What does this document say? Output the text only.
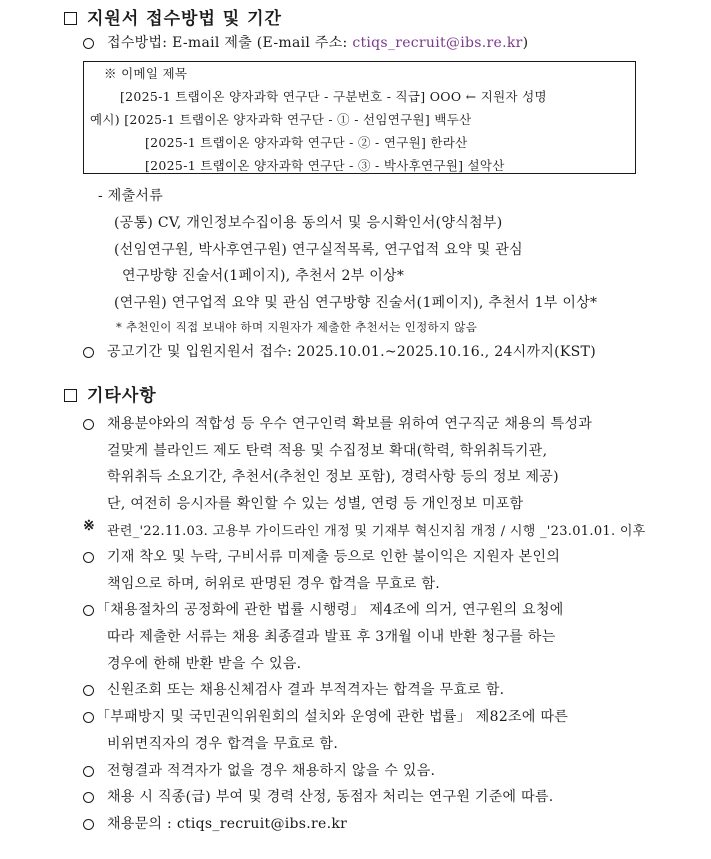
지원서 접수방법 및 기간
접수방법: E-mail 제출 (E-mail 주소: ctiqs_recruit@ibs.re.kr)
※ 이메일 제목
[2025-1 트랩이온 양자과학 연구단 - 구분번호 - 직급] OOO ← 지원자 성명
예시) [2025-1 트랩이온 양자과학 연구단 - ① - 선임연구원] 백두산
[2025-1 트랩이온 양자과학 연구단 - ② - 연구원] 한라산
[2025-1 트랩이온 양자과학 연구단 - ③ - 박사후연구원] 설악산
- 제출서류
(공통) CV, 개인정보수집이용 동의서 및 응시확인서(양식첨부)
(선임연구원, 박사후연구원) 연구실적목록, 연구업적 요약 및 관심
연구방향 진술서(1페이지), 추천서 2부 이상*
(연구원) 연구업적 요약 및 관심 연구방향 진술서(1페이지), 추천서 1부 이상*
* 추천인이 직접 보내야 하며 지원자가 제출한 추천서는 인정하지 않음
공고기간 및 입원지원서 접수: 2025.10.01.~2025.10.16., 24시까지(KST)
기타사항
채용분야와의 적합성 등 우수 연구인력 확보를 위하여 연구직군 채용의 특성과
걸맞게 블라인드 제도 탄력 적용 및 수집정보 확대(학력, 학위취득기관,
학위취득 소요기간, 추천서(추천인 정보 포함), 경력사항 등의 정보 제공)
단, 여전히 응시자를 확인할 수 있는 성별, 연령 등 개인정보 미포함
※ 관련_'22.11.03. 고용부 가이드라인 개정 및 기재부 혁신지침 개정 / 시행 _'23.01.01. 이후
기재 착오 및 누락, 구비서류 미제출 등으로 인한 불이익은 지원자 본인의
책임으로 하며, 허위로 판명된 경우 합격을 무효로 함.
「채용절차의 공정화에 관한 법률 시행령」 제4조에 의거, 연구원의 요청에
따라 제출한 서류는 채용 최종결과 발표 후 3개월 이내 반환 청구를 하는
경우에 한해 반환 받을 수 있음.
신원조회 또는 채용신체검사 결과 부적격자는 합격을 무효로 함.
「부패방지 및 국민권익위원회의 설치와 운영에 관한 법률」 제82조에 따른
비위면직자의 경우 합격을 무효로 함.
전형결과 적격자가 없을 경우 채용하지 않을 수 있음.
채용 시 직종(급) 부여 및 경력 산정, 동점자 처리는 연구원 기준에 따름.
채용문의 : ctiqs_recruit@ibs.re.kr
